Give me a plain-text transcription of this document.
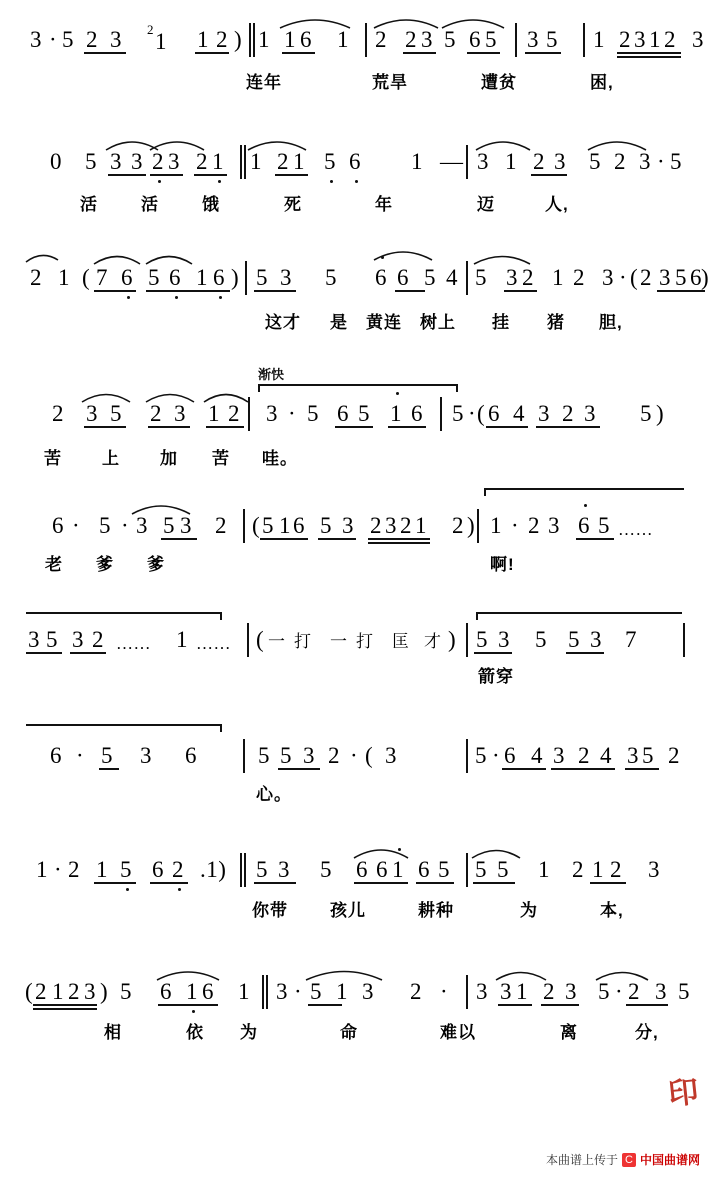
3 · 5 2 3 2 1 1 2 ) 1 1 6 1 2 2 3 5 6 5 3 5 1 2 3 1 2 3
连年	荒旱	遭贫	困,
0 5 3 3 2 3 2 1 1 2 1 5 6 1 — 3 1 2 3 5 2 3 · 5
活	活	饿	死	年	迈	人,
2 1 ( 7 6 5 6 1 6 ) 5 3 5 6 6 5 4 5 3 2 1 2 3 · ( 2 3 5 6 )
这才 是 黄连 树上 挂 猪 胆,
渐快
2 3 5 2 3 1 2 3 · 5 6 5 1 6 5 · ( 6 4 3 2 3 5 )
苦 上 加 苦 哇。
6 · 5 · 3 5 3 2 ( 5 1 6 5 3 2 3 2 1 2 ) 1 · 2 3 6 5 ……
老 爹 爹	啊!
3 5 3 2 …… 1 …… ( 一 打 一 打 匡 才 ) 5 3 5 5 3 7
箭穿
6 · 5 3 6	5 5 3 2 · ( 3	5 · 6 4 3 2 4 3 5 2
心。
1 · 2 1 5 6 2 .1) 5 3 5 6 6 1 6 5 5 5 1 2 1 2 3
你带 孩儿	耕种	为	本,
( 2 1 2 3 ) 5 6 1 6 1 3 · 5 1 3 2 · 3 3 1 2 3 5 · 2 3 5
相	依 为	命	难以	离	分,
印
本曲谱上传于 C 中国曲谱网
